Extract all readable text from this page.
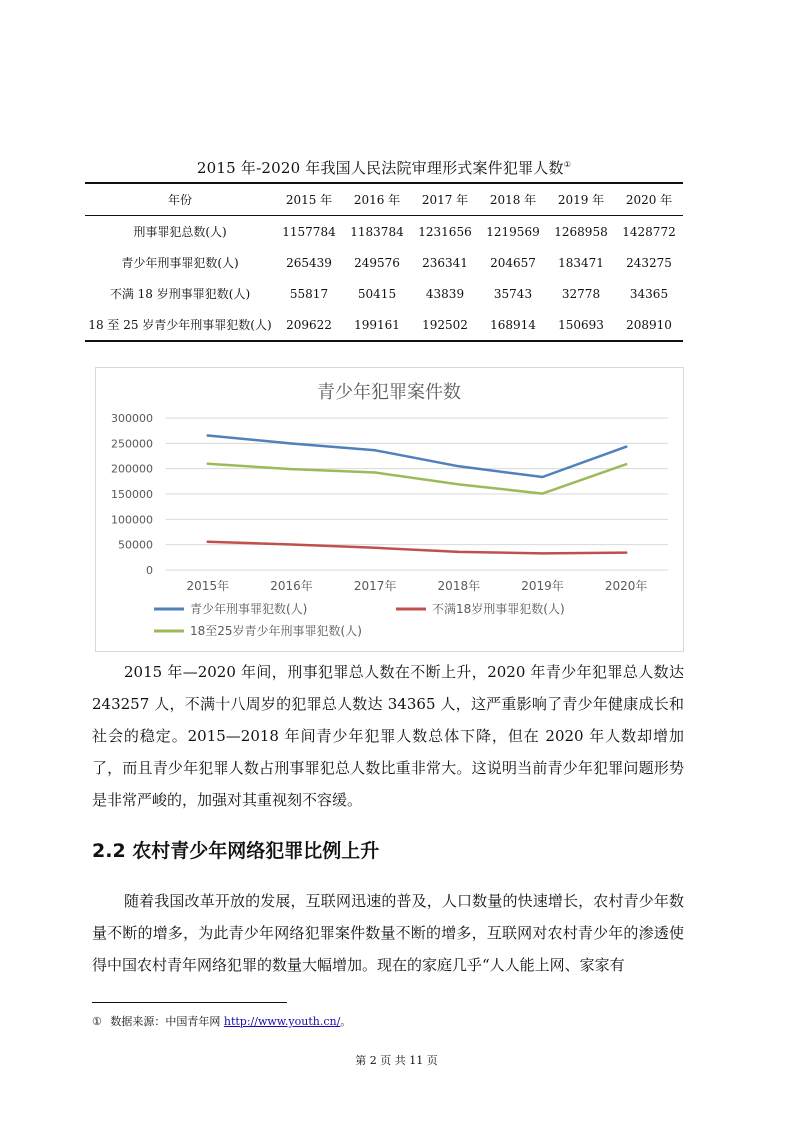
2015 年-2020 年我国人民法院审理形式案件犯罪人数①
年份	2015 年	2016 年	2017 年	2018 年	2019 年	2020 年
刑事罪犯总数(人)	1157784	1183784	1231656	1219569	1268958	1428772
青少年刑事罪犯数(人)	265439	249576	236341	204657	183471	243275
不满 18 岁刑事罪犯数(人)	55817	50415	43839	35743	32778	34365
18 至 25 岁青少年刑事罪犯数(人)	209622	199161	192502	168914	150693	208910
青少年犯罪案件数
0
50000
100000
150000
200000
250000
300000
2015年	2016年	2017年	2018年	2019年	2020年
青少年刑事罪犯数(人)	不满18岁刑事罪犯数(人)
18至25岁青少年刑事罪犯数(人)

2015 年—2020 年间，刑事犯罪总人数在不断上升，2020 年青少年犯罪总人数达 243257 人，不满十八周岁的犯罪总人数达 34365 人，这严重影响了青少年健康成长和社会的稳定。2015—2018 年间青少年犯罪人数总体下降，但在 2020 年人数却增加了，而且青少年犯罪人数占刑事罪犯总人数比重非常大。这说明当前青少年犯罪问题形势是非常严峻的，加强对其重视刻不容缓。

2.2 农村青少年网络犯罪比例上升

随着我国改革开放的发展，互联网迅速的普及，人口数量的快速增长，农村青少年数量不断的增多，为此青少年网络犯罪案件数量不断的增多，互联网对农村青少年的渗透使得中国农村青年网络犯罪的数量大幅增加。现在的家庭几乎“人人能上网、家家有

① 数据来源：中国青年网 http://www.youth.cn/。
第 2 页 共 11 页
